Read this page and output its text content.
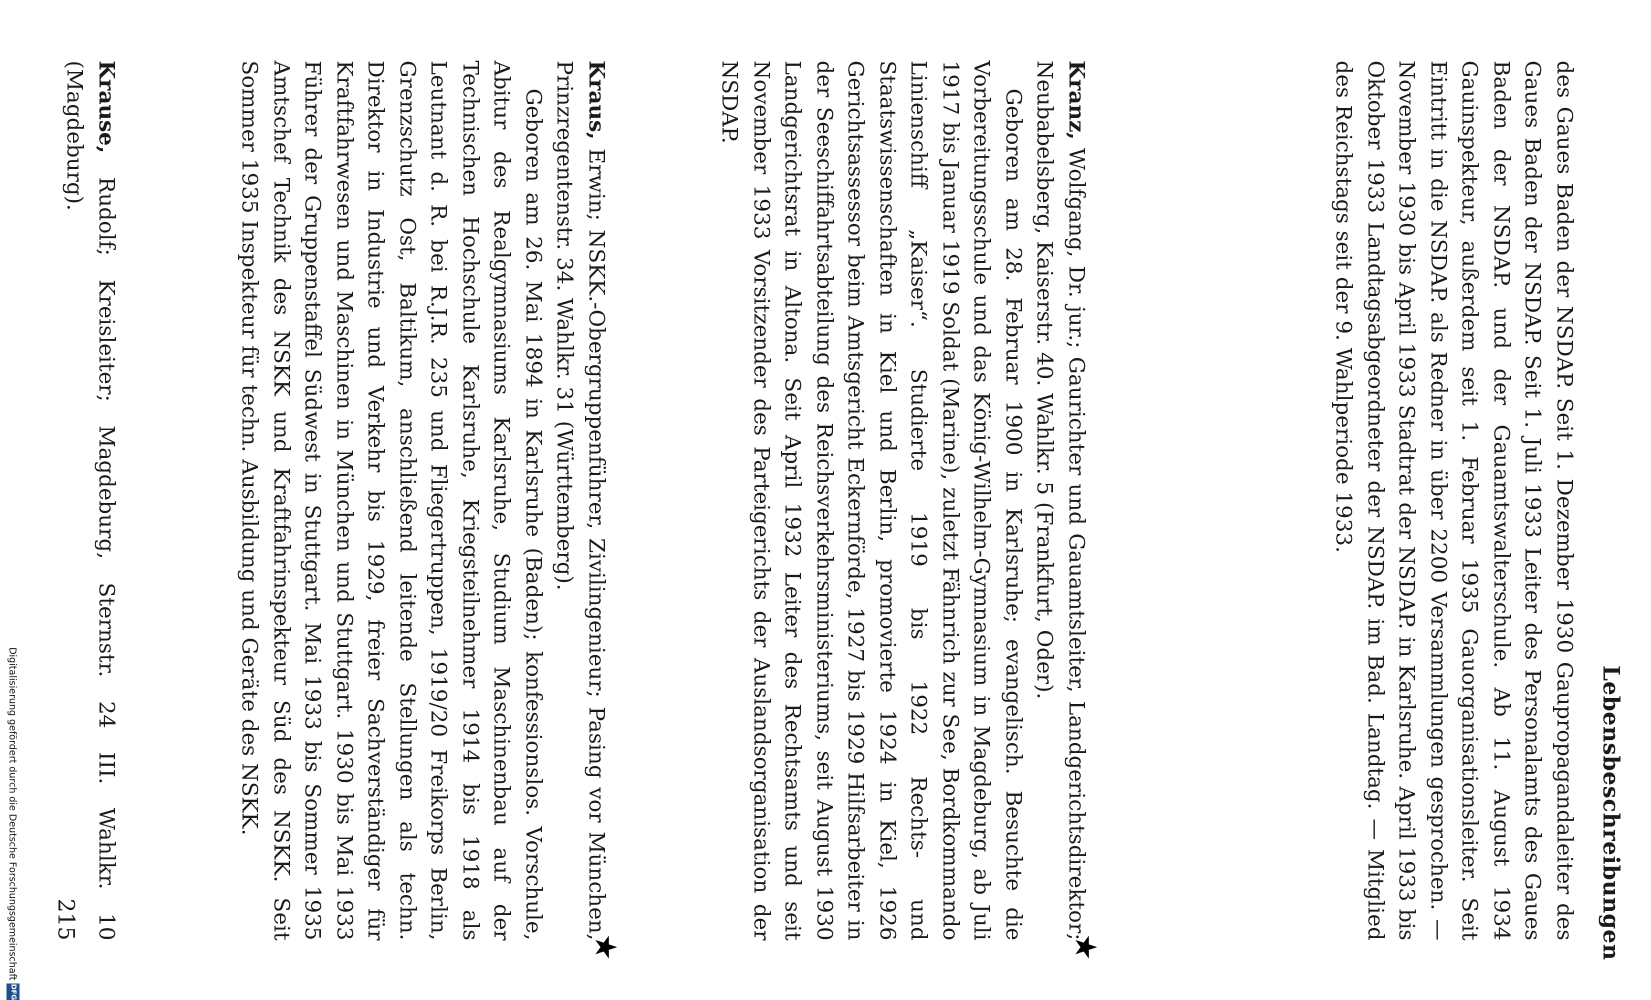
Lebensbeschreibungen

des Gaues Baden der NSDAP. Seit 1. Dezember 1930 Gaupropagandaleiter des Gaues Baden der NSDAP. Seit 1. Juli 1933 Leiter des Personalamts des Gaues Baden der NSDAP. und der Gauamtswalterschule. Ab 11. August 1934 Gauinspekteur, außerdem seit 1. Februar 1935 Gauorganisationsleiter. Seit Eintritt in die NSDAP. als Redner in über 2200 Versammlungen gesprochen. — November 1930 bis April 1933 Stadtrat der NSDAP. in Karlsruhe. April 1933 bis Oktober 1933 Landtagsabgeordneter der NSDAP. im Bad. Landtag. — Mitglied des Reichstags seit der 9. Wahlperiode 1933.

★

Kranz, Wolfgang, Dr. jur.; Gaurichter und Gauamtsleiter, Landgerichtsdirektor; Neubabelsberg, Kaiserstr. 40. Wahlkr. 5 (Frankfurt, Oder).

Geboren am 28. Februar 1900 in Karlsruhe; evangelisch. Besuchte die Vorbereitungsschule und das König-Wilhelm-Gymnasium in Magdeburg, ab Juli 1917 bis Januar 1919 Soldat (Marine), zuletzt Fähnrich zur See, Bordkommando Linienschiff „Kaiser“. Studierte 1919 bis 1922 Rechts- und Staatswissenschaften in Kiel und Berlin, promovierte 1924 in Kiel, 1926 Gerichtsassessor beim Amtsgericht Eckernförde, 1927 bis 1929 Hilfsarbeiter in der Seeschiffahrtsabteilung des Reichsverkehrsministeriums, seit August 1930 Landgerichtsrat in Altona. Seit April 1932 Leiter des Rechtsamts und seit November 1933 Vorsitzender des Parteigerichts der Auslandsorganisation der NSDAP.

★

Kraus, Erwin; NSKK.-Obergruppenführer, Zivilingenieur; Pasing vor München, Prinzregentenstr. 34. Wahlkr. 31 (Württemberg).

Geboren am 26. Mai 1894 in Karlsruhe (Baden); konfessionslos. Vorschule, Abitur des Realgymnasiums Karlsruhe, Studium Maschinenbau auf der Technischen Hochschule Karlsruhe, Kriegsteilnehmer 1914 bis 1918 als Leutnant d. R. bei R.J.R. 235 und Fliegertruppen, 1919/20 Freikorps Berlin, Grenzschutz Ost, Baltikum, anschließend leitende Stellungen als techn. Direktor in Industrie und Verkehr bis 1929, freier Sachverständiger für Kraftfahrwesen und Maschinen in München und Stuttgart. 1930 bis Mai 1933 Führer der Gruppenstaffel Südwest in Stuttgart. Mai 1933 bis Sommer 1935 Amtschef Technik des NSKK und Kraftfahrinspekteur Süd des NSKK. Seit Sommer 1935 Inspekteur für techn. Ausbildung und Geräte des NSKK.

Krause, Rudolf; Kreisleiter; Magdeburg, Sternstr. 24 III. Wahlkr. 10 (Magdeburg).

215
Digitalisierung gefördert durch die Deutsche Forschungsgemeinschaft
DFG
